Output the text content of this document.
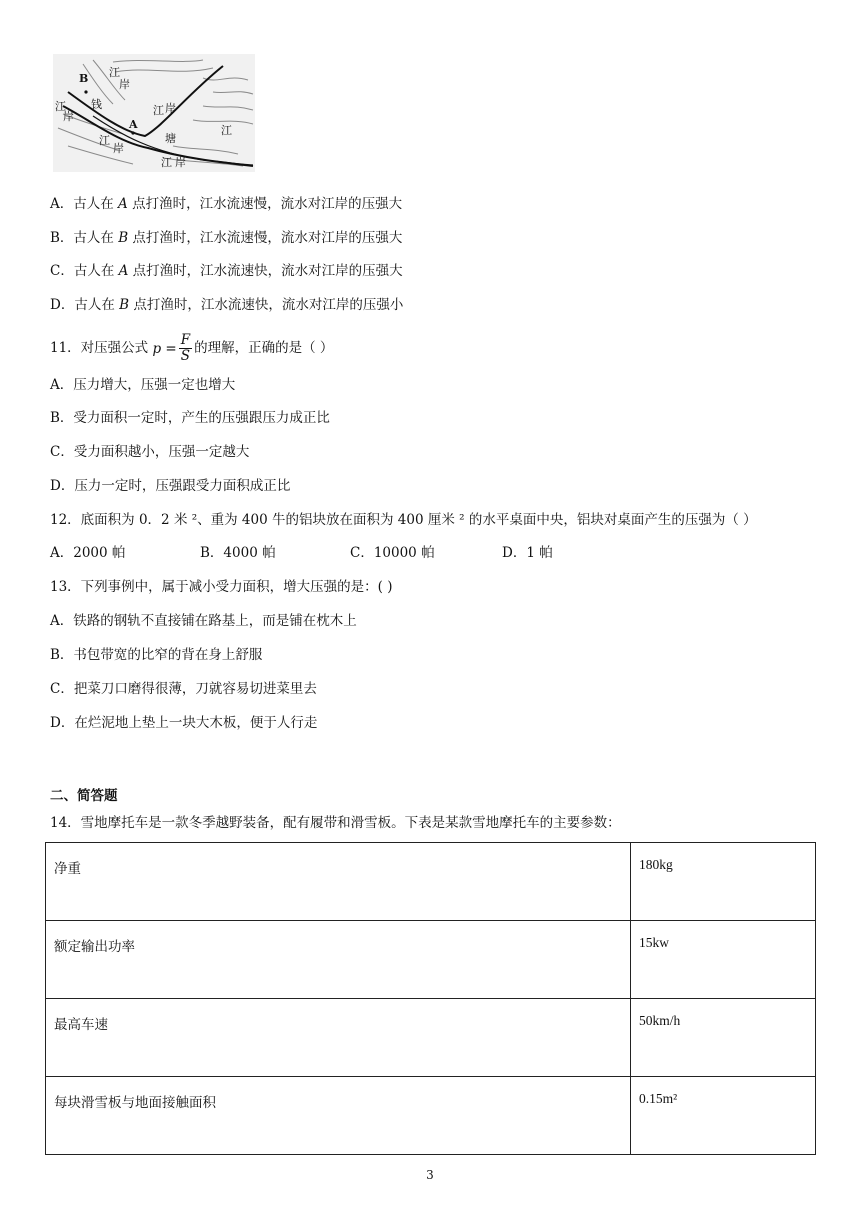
B 江
岸
江
岸
钱
A
江 岸
塘
江
江
岸
江 岸
A．古人在 A 点打渔时，江水流速慢，流水对江岸的压强大
B．古人在 B 点打渔时，江水流速慢，流水对江岸的压强大
C．古人在 A 点打渔时，江水流速快，流水对江岸的压强大
D．古人在 B 点打渔时，江水流速快，流水对江岸的压强小
11．对压强公式 $p = \frac{F}{S}$ 的理解，正确的是（ ）
A．压力增大，压强一定也增大
B．受力面积一定时，产生的压强跟压力成正比
C．受力面积越小，压强一定越大
D．压力一定时，压强跟受力面积成正比
12．底面积为 0．2 米 ²、重为 400 牛的铝块放在面积为 400 厘米 ² 的水平桌面中央，铝块对桌面产生的压强为（ ）
A．2000 帕	B．4000 帕	C．10000 帕	D．1 帕
13．下列事例中，属于减小受力面积，增大压强的是：( )
A．铁路的钢轨不直接铺在路基上，而是铺在枕木上
B．书包带宽的比窄的背在身上舒服
C．把菜刀口磨得很薄，刀就容易切进菜里去
D．在烂泥地上垫上一块大木板，便于人行走
二、简答题
14．雪地摩托车是一款冬季越野装备，配有履带和滑雪板。下表是某款雪地摩托车的主要参数：
净重	180kg
额定输出功率	15kw
最高车速	50km/h
每块滑雪板与地面接触面积	0.15m²
3
